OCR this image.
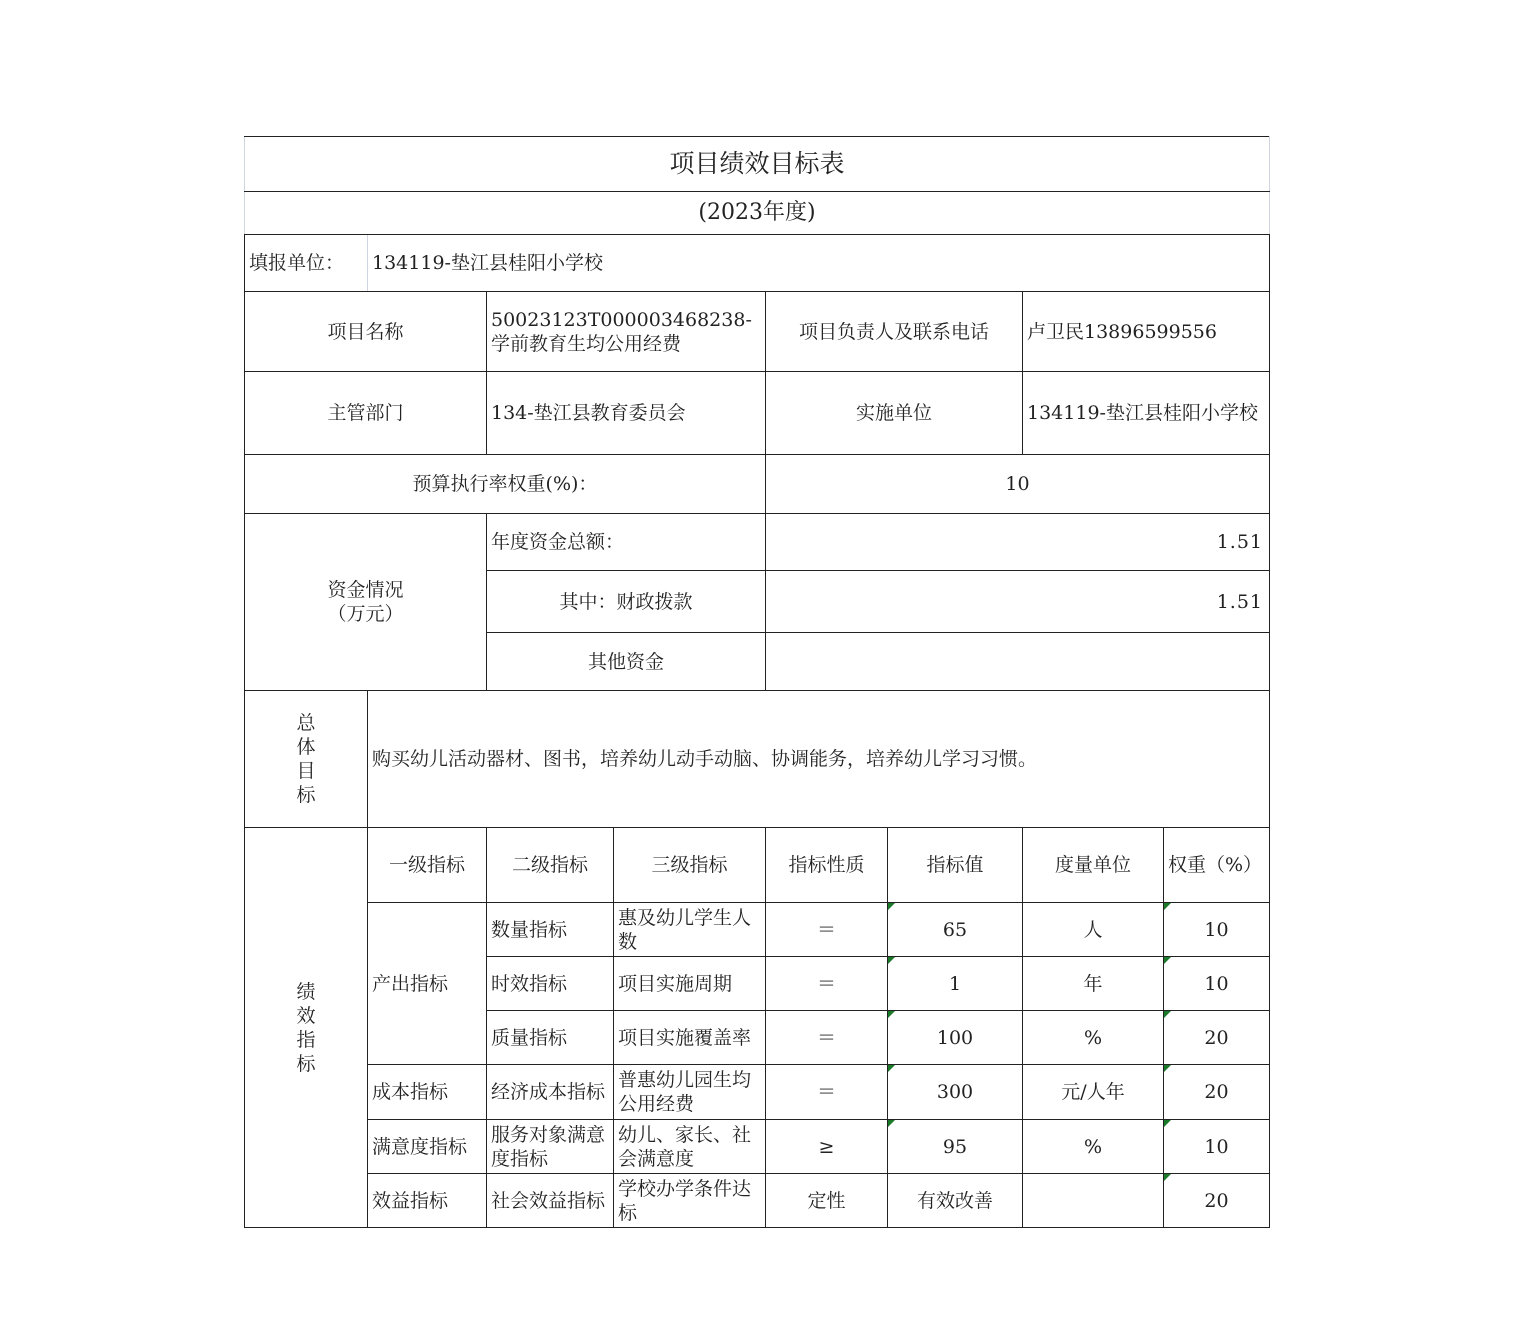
项目绩效目标表							
(2023年度)							
填报单位：	134119-垫江县桂阳小学校						
项目名称		50023123T000003468238-学前教育生均公用经费		项目负责人及联系电话		卢卫民13896599556	
主管部门		134-垫江县教育委员会		实施单位		134119-垫江县桂阳小学校	
预算执行率权重(%)：				10			

资金情况
（万元）		年度资金总额：		1.51			
		其中：财政拨款		1.51			
		其他资金					

总
体
目
标	购买幼儿活动器材、图书，培养幼儿动手动脑、协调能务，培养幼儿学习习惯。						

绩
效
指
标	一级指标	二级指标	三级指标	指标性质	指标值	度量单位	权重（%）
	产出指标	数量指标	惠及幼儿学生人数	＝	65	人	10
		时效指标	项目实施周期	＝	1	年	10
		质量指标	项目实施覆盖率	＝	100	%	20
	成本指标	经济成本指标	普惠幼儿园生均公用经费	＝	300	元/人年	20
	满意度指标	服务对象满意度指标	幼儿、家长、社会满意度	≥	95	%	10
	效益指标	社会效益指标	学校办学条件达标	定性	有效改善		20
